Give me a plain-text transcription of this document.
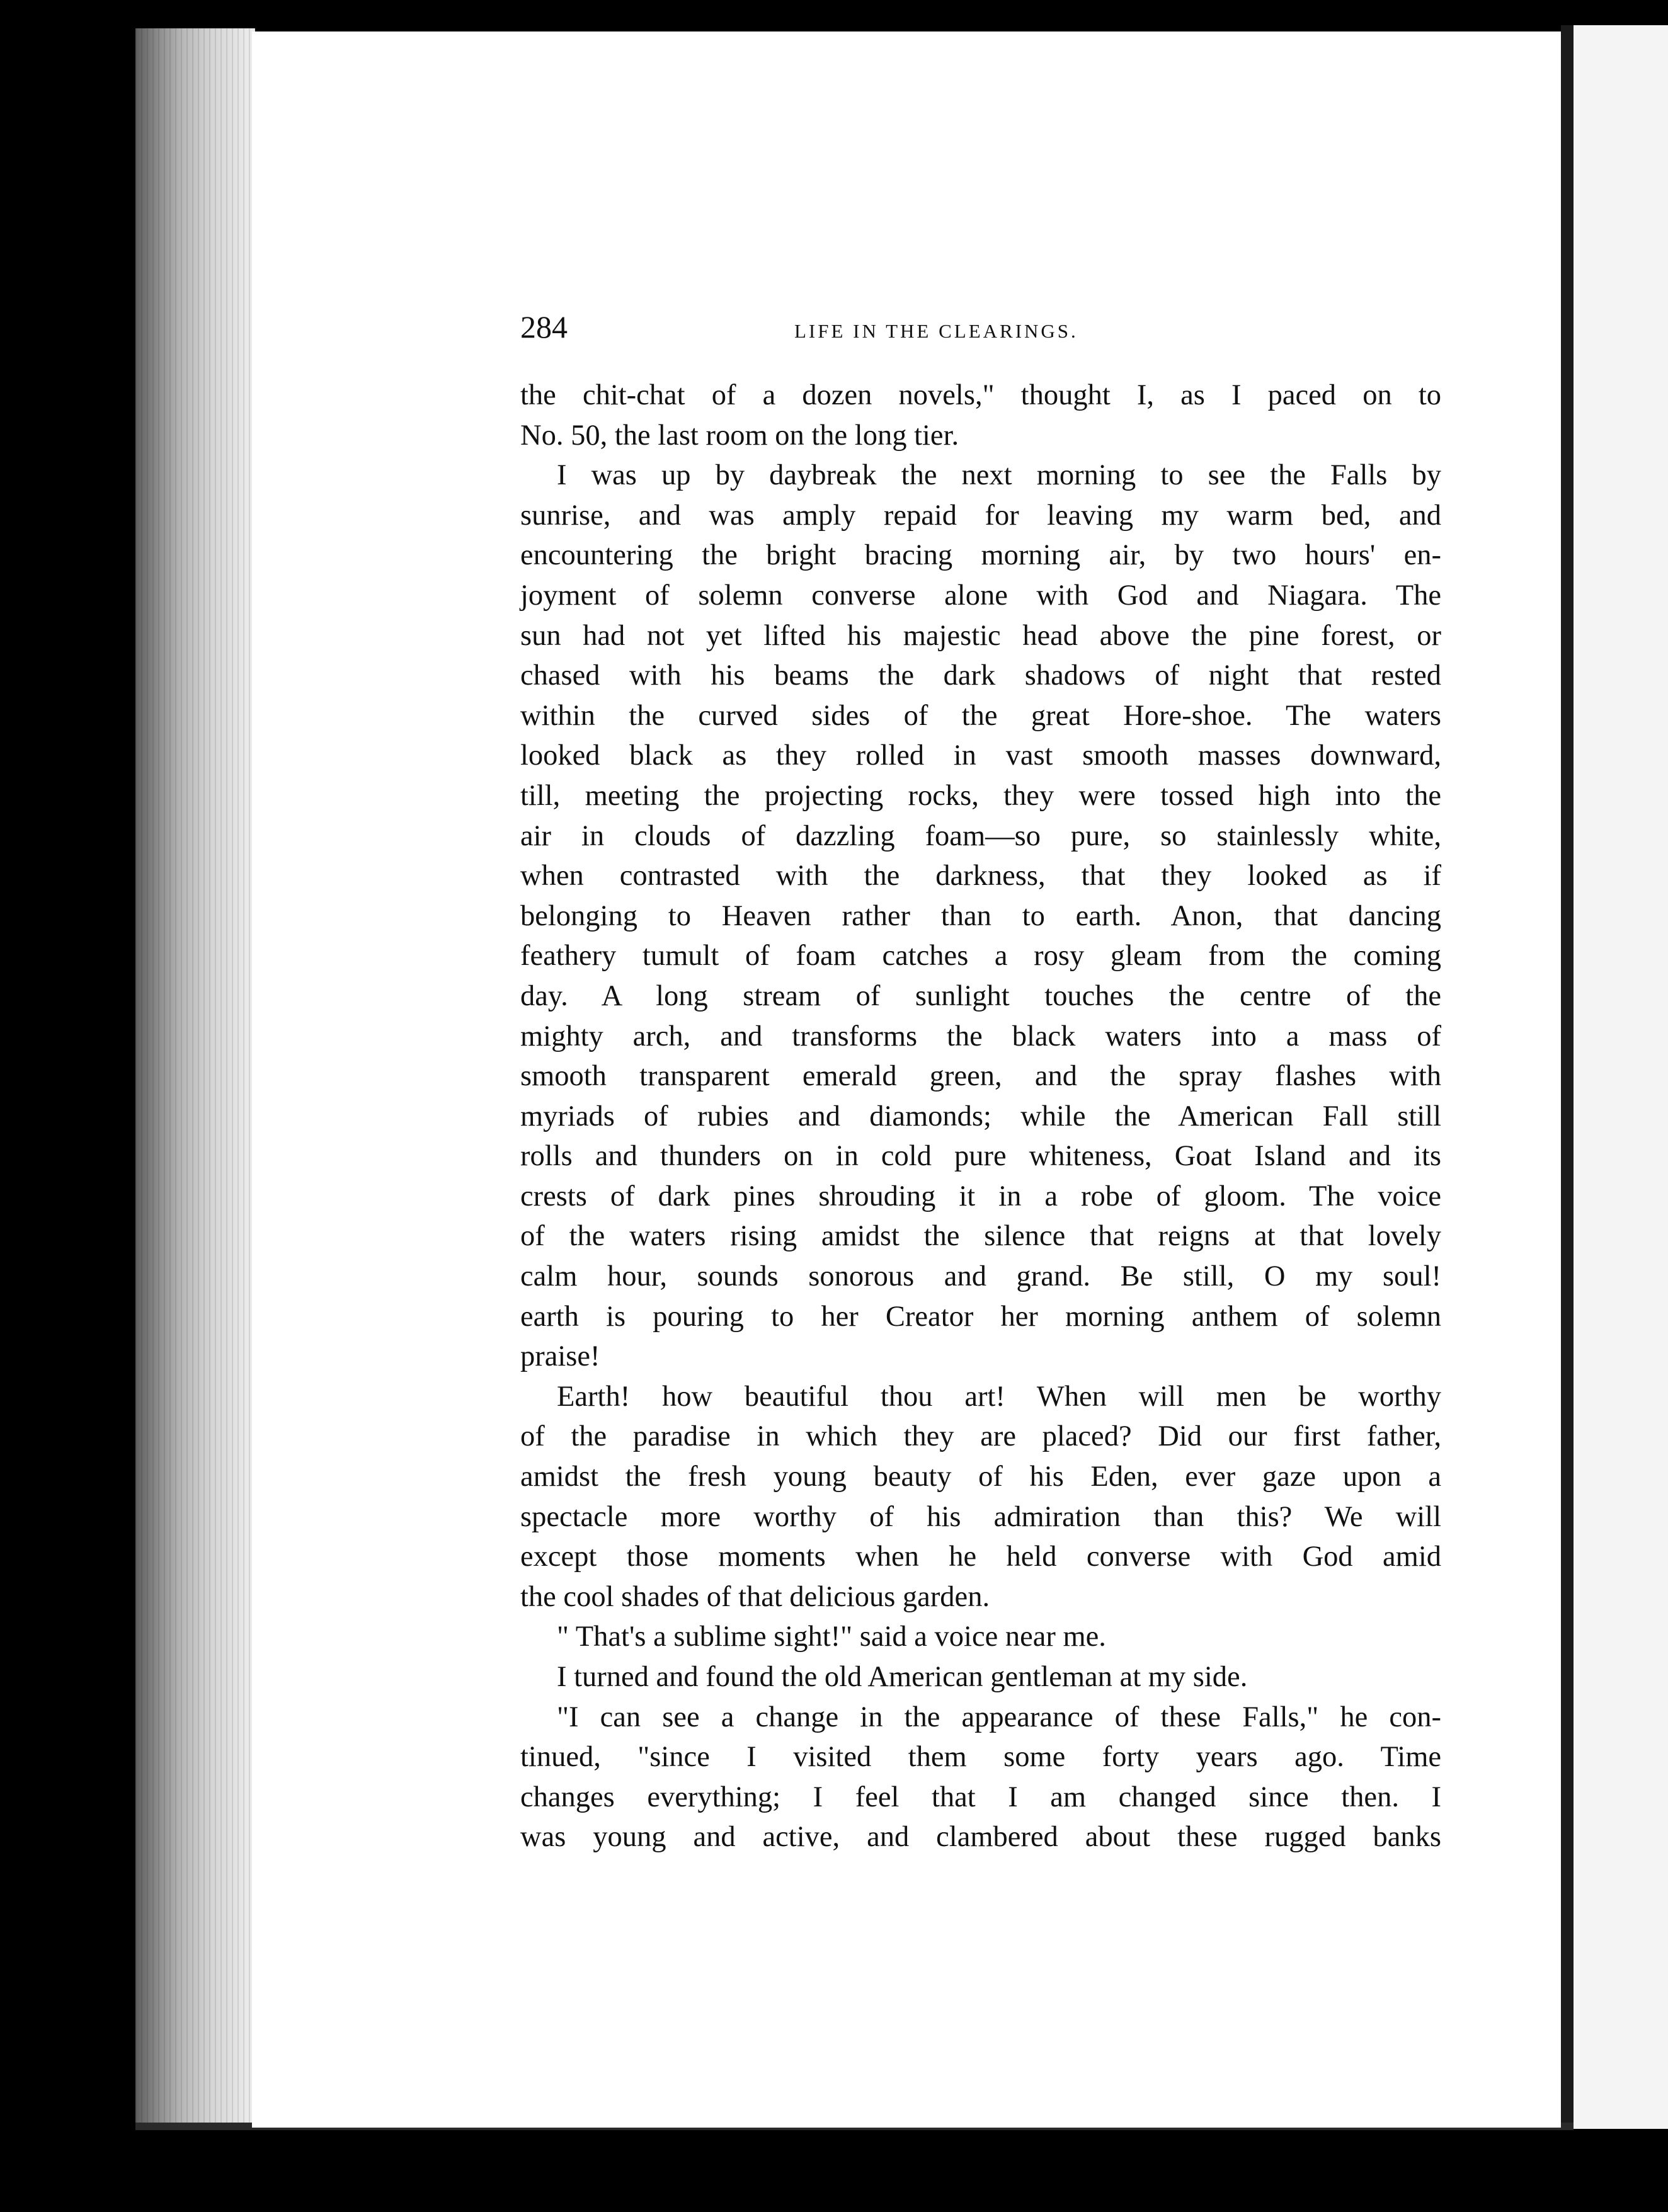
284	LIFE IN THE CLEARINGS.
the chit-chat of a dozen novels," thought I, as I paced on to
No. 50, the last room on the long tier.
I was up by daybreak the next morning to see the Falls by
sunrise, and was amply repaid for leaving my warm bed, and
encountering the bright bracing morning air, by two hours' en-
joyment of solemn converse alone with God and Niagara. The
sun had not yet lifted his majestic head above the pine forest, or
chased with his beams the dark shadows of night that rested
within the curved sides of the great Hore-shoe. The waters
looked black as they rolled in vast smooth masses downward,
till, meeting the projecting rocks, they were tossed high into the
air in clouds of dazzling foam—so pure, so stainlessly white,
when contrasted with the darkness, that they looked as if
belonging to Heaven rather than to earth. Anon, that dancing
feathery tumult of foam catches a rosy gleam from the coming
day. A long stream of sunlight touches the centre of the
mighty arch, and transforms the black waters into a mass of
smooth transparent emerald green, and the spray flashes with
myriads of rubies and diamonds; while the American Fall still
rolls and thunders on in cold pure whiteness, Goat Island and its
crests of dark pines shrouding it in a robe of gloom. The voice
of the waters rising amidst the silence that reigns at that lovely
calm hour, sounds sonorous and grand. Be still, O my soul!
earth is pouring to her Creator her morning anthem of solemn
praise!
Earth! how beautiful thou art! When will men be worthy
of the paradise in which they are placed? Did our first father,
amidst the fresh young beauty of his Eden, ever gaze upon a
spectacle more worthy of his admiration than this? We will
except those moments when he held converse with God amid
the cool shades of that delicious garden.
" That's a sublime sight!" said a voice near me.
I turned and found the old American gentleman at my side.
"I can see a change in the appearance of these Falls," he con-
tinued, "since I visited them some forty years ago. Time
changes everything; I feel that I am changed since then. I
was young and active, and clambered about these rugged banks
